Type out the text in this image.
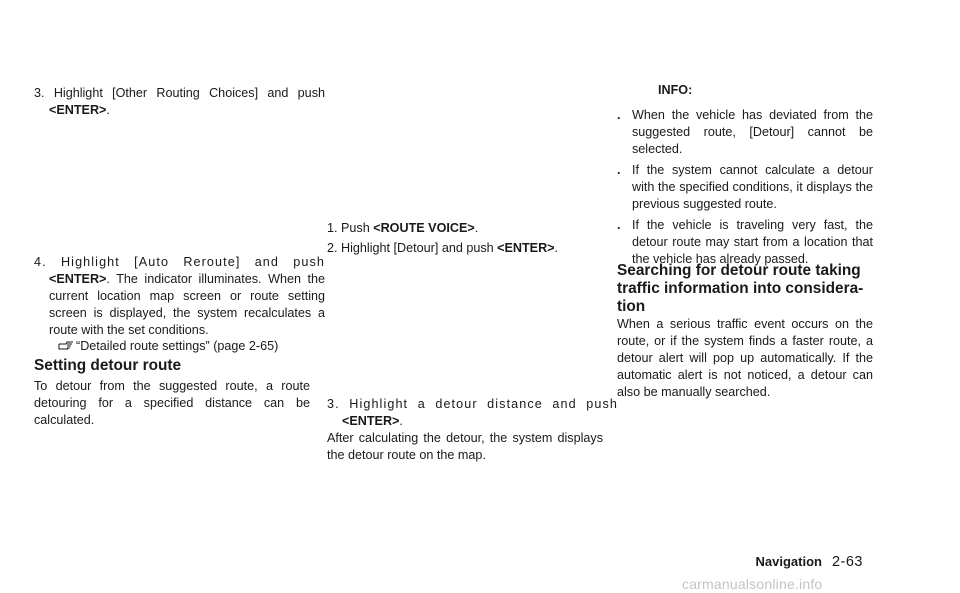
3. Highlight [Other Routing Choices] and push <ENTER>.
4. Highlight [Auto Reroute] and push <ENTER>. The indicator illuminates. When the current location map screen or route setting screen is displayed, the system recalculates a route with the set conditions.
“Detailed route settings” (page 2-65)
Setting detour route
To detour from the suggested route, a route detouring for a specified distance can be calculated.
1. Push <ROUTE VOICE>.
2. Highlight [Detour] and push <ENTER>.
3. Highlight a detour distance and push <ENTER>.
After calculating the detour, the system displays the detour route on the map.
INFO:
. When the vehicle has deviated from the suggested route, [Detour] cannot be selected.
. If the system cannot calculate a detour with the specified conditions, it displays the previous suggested route.
. If the vehicle is traveling very fast, the detour route may start from a location that the vehicle has already passed.
Searching for detour route taking traffic information into considera- tion
When a serious traffic event occurs on the route, or if the system finds a faster route, a detour alert will pop up automatically. If the automatic alert is not noticed, a detour can also be manually searched.
Navigation 2-63
carmanualsonline.info
